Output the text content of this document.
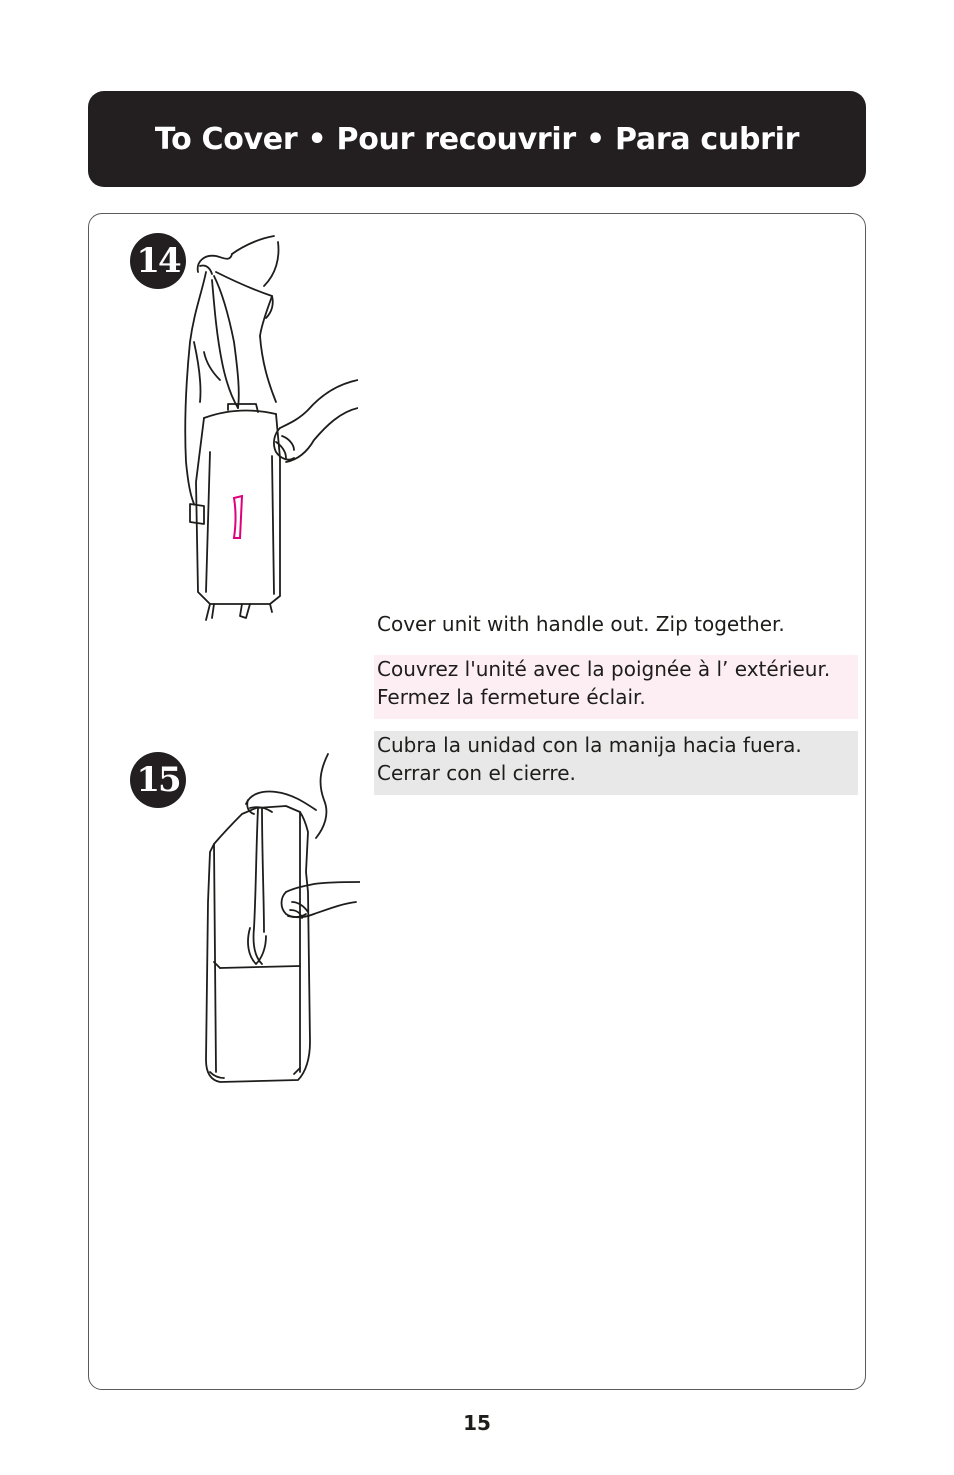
To Cover • Pour recouvrir • Para cubrir
14
15
Cover unit with handle out. Zip together.
Couvrez l'unité avec la poignée à l’ extérieur. Fermez la fermeture éclair.
Cubra la unidad con la manija hacia fuera. Cerrar con el cierre.
15
